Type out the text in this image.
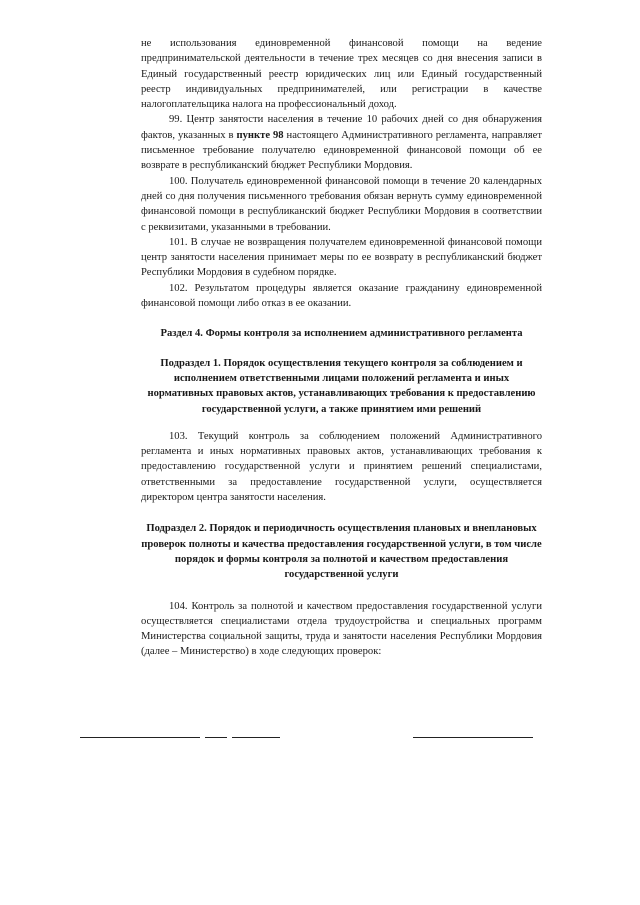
не использования единовременной финансовой помощи на ведение предпринимательской деятельности в течение трех месяцев со дня внесения записи в Единый государственный реестр юридических лиц или Единый государственный реестр индивидуальных предпринимателей, или регистрации в качестве налогоплательщика налога на профессиональный доход.

99. Центр занятости населения в течение 10 рабочих дней со дня обнаружения фактов, указанных в пункте 98 настоящего Административного регламента, направляет письменное требование получателю единовременной финансовой помощи об ее возврате в республиканский бюджет Республики Мордовия.

100. Получатель единовременной финансовой помощи в течение 20 календарных дней со дня получения письменного требования обязан вернуть сумму единовременной финансовой помощи в республиканский бюджет Республики Мордовия в соответствии с реквизитами, указанными в требовании.

101. В случае не возвращения получателем единовременной финансовой помощи центр занятости населения принимает меры по ее возврату в республиканский бюджет Республики Мордовия в судебном порядке.

102. Результатом процедуры является оказание гражданину единовременной финансовой помощи либо отказ в ее оказании.

Раздел 4. Формы контроля за исполнением административного регламента

Подраздел 1. Порядок осуществления текущего контроля за соблюдением и исполнением ответственными лицами положений регламента и иных нормативных правовых актов, устанавливающих требования к предоставлению государственной услуги, а также принятием ими решений

103. Текущий контроль за соблюдением положений Административного регламента и иных нормативных правовых актов, устанавливающих требования к предоставлению государственной услуги и принятием решений специалистами, ответственными за предоставление государственной услуги, осуществляется директором центра занятости населения.

Подраздел 2. Порядок и периодичность осуществления плановых и внеплановых проверок полноты и качества предоставления государственной услуги, в том числе порядок и формы контроля за полнотой и качеством предоставления государственной услуги

104. Контроль за полнотой и качеством предоставления государственной услуги осуществляется специалистами отдела трудоустройства и специальных программ Министерства социальной защиты, труда и занятости населения Республики Мордовия (далее – Министерство) в ходе следующих проверок:
